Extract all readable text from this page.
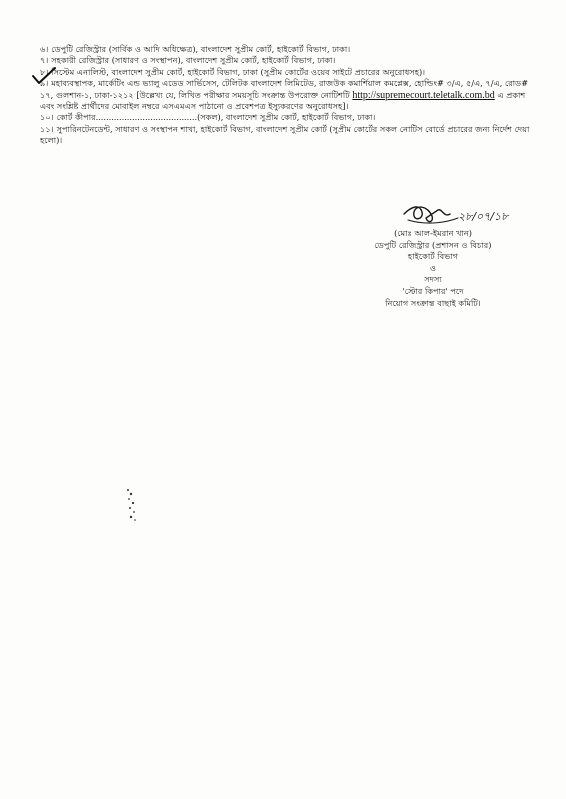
৬। ডেপুটি রেজিস্ট্রার (সার্বিক ও আদি অধিক্ষেত্র), বাংলাদেশ সুপ্রীম কোর্ট, হাইকোর্ট বিভাগ, ঢাকা।
৭। সহকারী রেজিস্ট্রার (সাধারণ ও সংস্থাপন), বাংলাদেশ সুপ্রীম কোর্ট, হাইকোর্ট বিভাগ, ঢাকা।
৮। সিস্টেম এনালিস্ট, বাংলাদেশ সুপ্রীম কোর্ট, হাইকোর্ট বিভাগ, ঢাকা (সুপ্রীম কোর্টের ওয়েব সাইটে প্রচারের অনুরোধসহ)।
৯। মহাব্যবস্থাপক, মার্কেটিং এন্ড ভ্যালু এডেড সার্ভিসেস, টেলিটক বাংলাদেশ লিমিটেড, রাজউক কমার্শিয়াল কমপ্লেক্স, হোল্ডিং# ৩/এ, ৫/এ, ৭/এ, রোড# ১৭, গুলশান-১, ঢাকা-১২১২ [উল্লেখ্য যে, লিখিত পরীক্ষার সময়সূচি সংক্রান্ত উপরোক্ত নোটিশটি http://supremecourt.teletalk.com.bd এ প্রকাশ এবং সংশ্লিষ্ট প্রার্থীদের মোবাইল নম্বরে এসএমএস পাঠানো ও প্রবেশপত্র ইস্যুকরণের অনুরোধসহ]।
১০। কোর্ট কীপার.......................................(সকল), বাংলাদেশ সুপ্রীম কোর্ট, হাইকোর্ট বিভাগ, ঢাকা।
১১। সুপারিনটেনডেন্ট, সাধারণ ও সংস্থাপন শাখা, হাইকোর্ট বিভাগ, বাংলাদেশ সুপ্রীম কোর্ট (সুপ্রীম কোর্টের সকল নোটিস বোর্ডে প্রচারের জন্য নির্দেশ দেয়া হলো)।
২৮/০৭/১৮
(মোঃ আল-ইমরান খান)
ডেপুটি রেজিস্ট্রার (প্রশাসন ও বিচার)
হাইকোর্ট বিভাগ
ও
সদস্য
'স্টোর কিপার' পদে
নিয়োগ সংক্রান্ত বাছাই কমিটি।
